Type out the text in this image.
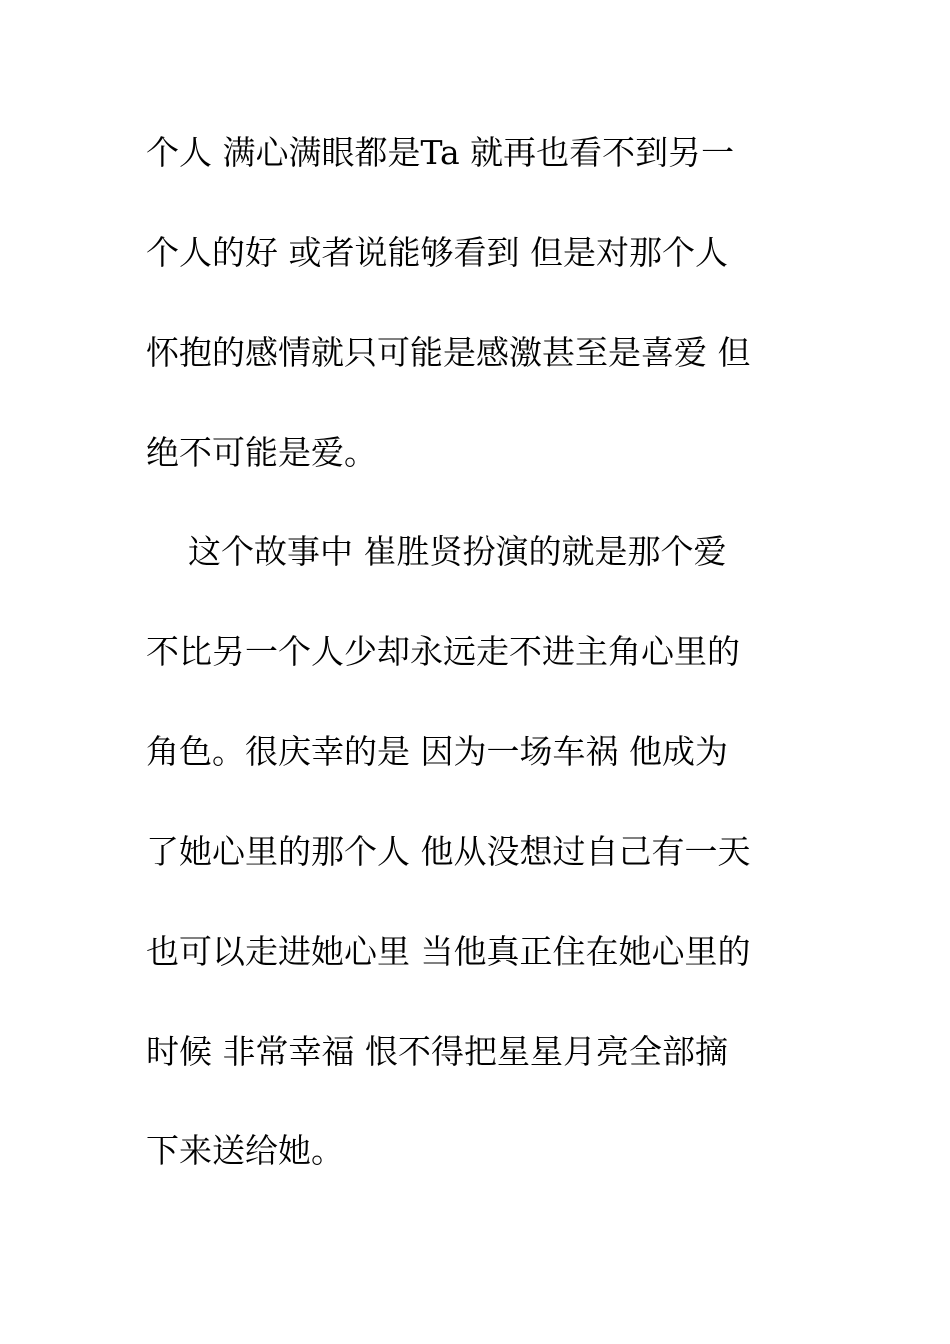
个人 满心满眼都是Ta 就再也看不到另一
个人的好 或者说能够看到 但是对那个人
怀抱的感情就只可能是感激甚至是喜爱 但
绝不可能是爱。
这个故事中 崔胜贤扮演的就是那个爱
不比另一个人少却永远走不进主角心里的
角色。很庆幸的是 因为一场车祸 他成为
了她心里的那个人 他从没想过自己有一天
也可以走进她心里 当他真正住在她心里的
时候 非常幸福 恨不得把星星月亮全部摘
下来送给她。
